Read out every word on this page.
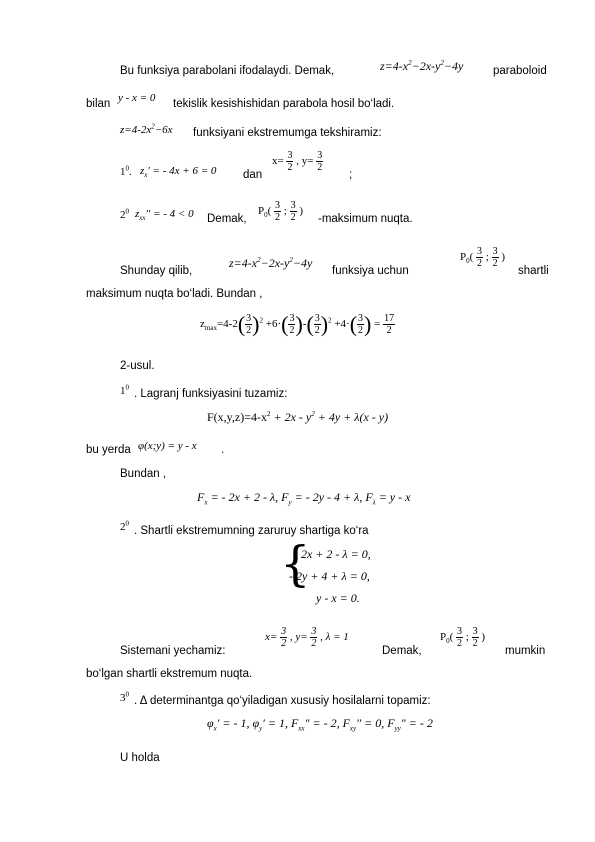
Bu funksiya parabolani ifodalaydi. Demak,	$z=4-x^2-2x-y^2-4y$	paraboloid
bilan y - x = 0 tekislik kesishishidan parabola hosil bo‘ladi.
$z=4-2x^2-6x$ funksiyani ekstremumga tekshiramiz:
$1^0$. $z_x'$ = - 4x + 6 = 0 dan
$x= \frac{3}{2}$ , $y= \frac{3}{2}$
;
$2^0$ $z_{xx}''$ = - 4 < 0 Demak,
$P_0( \frac{3}{2}$ ; $\frac{3}{2}$ )
-maksimum nuqta.
Shunday qilib,
$z=4-x^2-2x-y^2-4y$
funksiya uchun
$P_0( \frac{3}{2}$ ; $\frac{3}{2}$ )
shartli
maksimum nuqta bo‘ladi. Bundan ,
$z_{max}=4-2( \frac{3}{2} )^2 +6\cdot( \frac{3}{2}$ )-( $\frac{3}{2} )^2 +4\cdot( \frac{3}{2}$ ) = $\frac{17}{2}$
2-usul.
$1^0$
. Lagranj funksiyasini tuzamiz:
$F(x,y,z)=4-x^2 + 2x - y^2 + 4y + \lambda(x - y)$
bu yerda φ(x;y) = y - x .
Bundan ,
$F_x$ = - 2x + 2 - λ, $F_y$ = - 2y - 4 + λ, $F_\lambda = y - x$
$2^0$
. Shartli ekstremumning zaruruy shartiga ko‘ra
{
- 2x + 2 - λ = 0,
- 2y + 4 + λ = 0,
y - x = 0.
Sistemani yechamiz:
$x= \frac{3}{2}$ , $y= \frac{3}{2}$ , λ = 1
Demak,
$P_0( \frac{3}{2}$ ; $\frac{3}{2}$ )
mumkin
bo‘lgan shartli ekstremum nuqta.
$3^0$
. Δ determinantga qo‘yiladigan xususiy hosilalarni topamiz:
$\varphi_x'$ = - 1, $\varphi_y' = 1$, $F_{xx}''$ = - 2, $F_{xy}'' = 0$, $F_{yy}''$ = - 2
U holda
